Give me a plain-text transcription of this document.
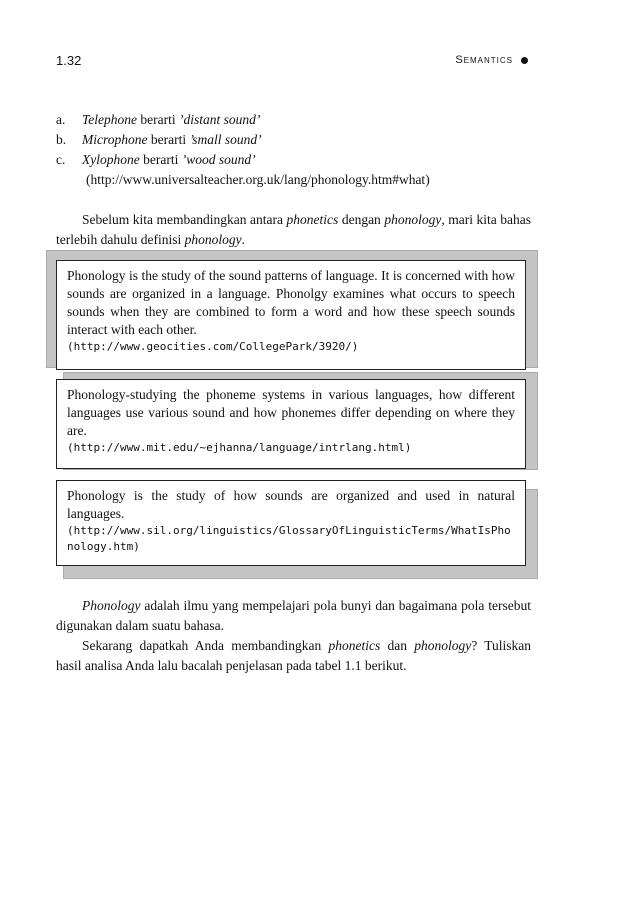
1.32	Semantics
a.	Telephone berarti ’distant sound’
b.	Microphone berarti ’small sound’
c.	Xylophone berarti ’wood sound’
(http://www.universalteacher.org.uk/lang/phonology.htm#what)
Sebelum kita membandingkan antara phonetics dengan phonology, mari kita bahas terlebih dahulu definisi phonology.
Phonology is the study of the sound patterns of language. It is concerned with how sounds are organized in a language. Phonolgy examines what occurs to speech sounds when they are combined to form a word and how these speech sounds interact with each other.
(http://www.geocities.com/CollegePark/3920/)
Phonology-studying the phoneme systems in various languages, how different languages use various sound and how phonemes differ depending on where they are.
(http://www.mit.edu/~ejhanna/language/intrlang.html)
Phonology is the study of how sounds are organized and used in natural languages.
(http://www.sil.org/linguistics/GlossaryOfLinguisticTerms/WhatIsPhonology.htm)
Phonology adalah ilmu yang mempelajari pola bunyi dan bagaimana pola tersebut digunakan dalam suatu bahasa.
Sekarang dapatkah Anda membandingkan phonetics dan phonology? Tuliskan hasil analisa Anda lalu bacalah penjelasan pada tabel 1.1 berikut.
